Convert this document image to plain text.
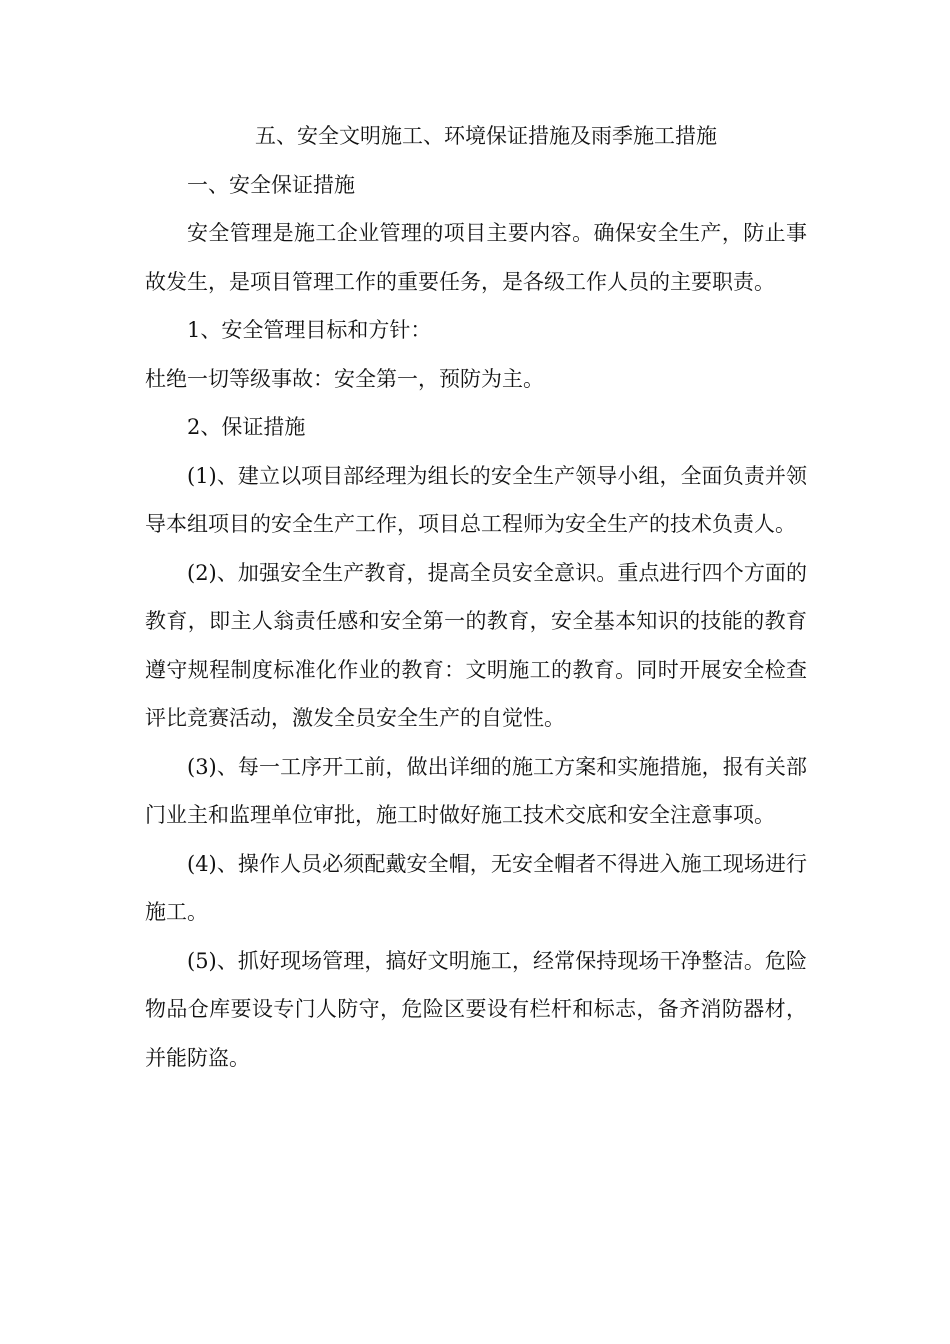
五、安全文明施工、环境保证措施及雨季施工措施

一、安全保证措施

安全管理是施工企业管理的项目主要内容。确保安全生产，防止事故发生，是项目管理工作的重要任务，是各级工作人员的主要职责。

1、安全管理目标和方针：

杜绝一切等级事故：安全第一，预防为主。

2、保证措施

(1)、建立以项目部经理为组长的安全生产领导小组，全面负责并领导本组项目的安全生产工作，项目总工程师为安全生产的技术负责人。

(2)、加强安全生产教育，提高全员安全意识。重点进行四个方面的教育，即主人翁责任感和安全第一的教育，安全基本知识的技能的教育遵守规程制度标准化作业的教育：文明施工的教育。同时开展安全检查评比竞赛活动，激发全员安全生产的自觉性。

(3)、每一工序开工前，做出详细的施工方案和实施措施，报有关部门业主和监理单位审批，施工时做好施工技术交底和安全注意事项。

(4)、操作人员必须配戴安全帽，无安全帽者不得进入施工现场进行施工。

(5)、抓好现场管理，搞好文明施工，经常保持现场干净整洁。危险物品仓库要设专门人防守，危险区要设有栏杆和标志，备齐消防器材，并能防盗。
